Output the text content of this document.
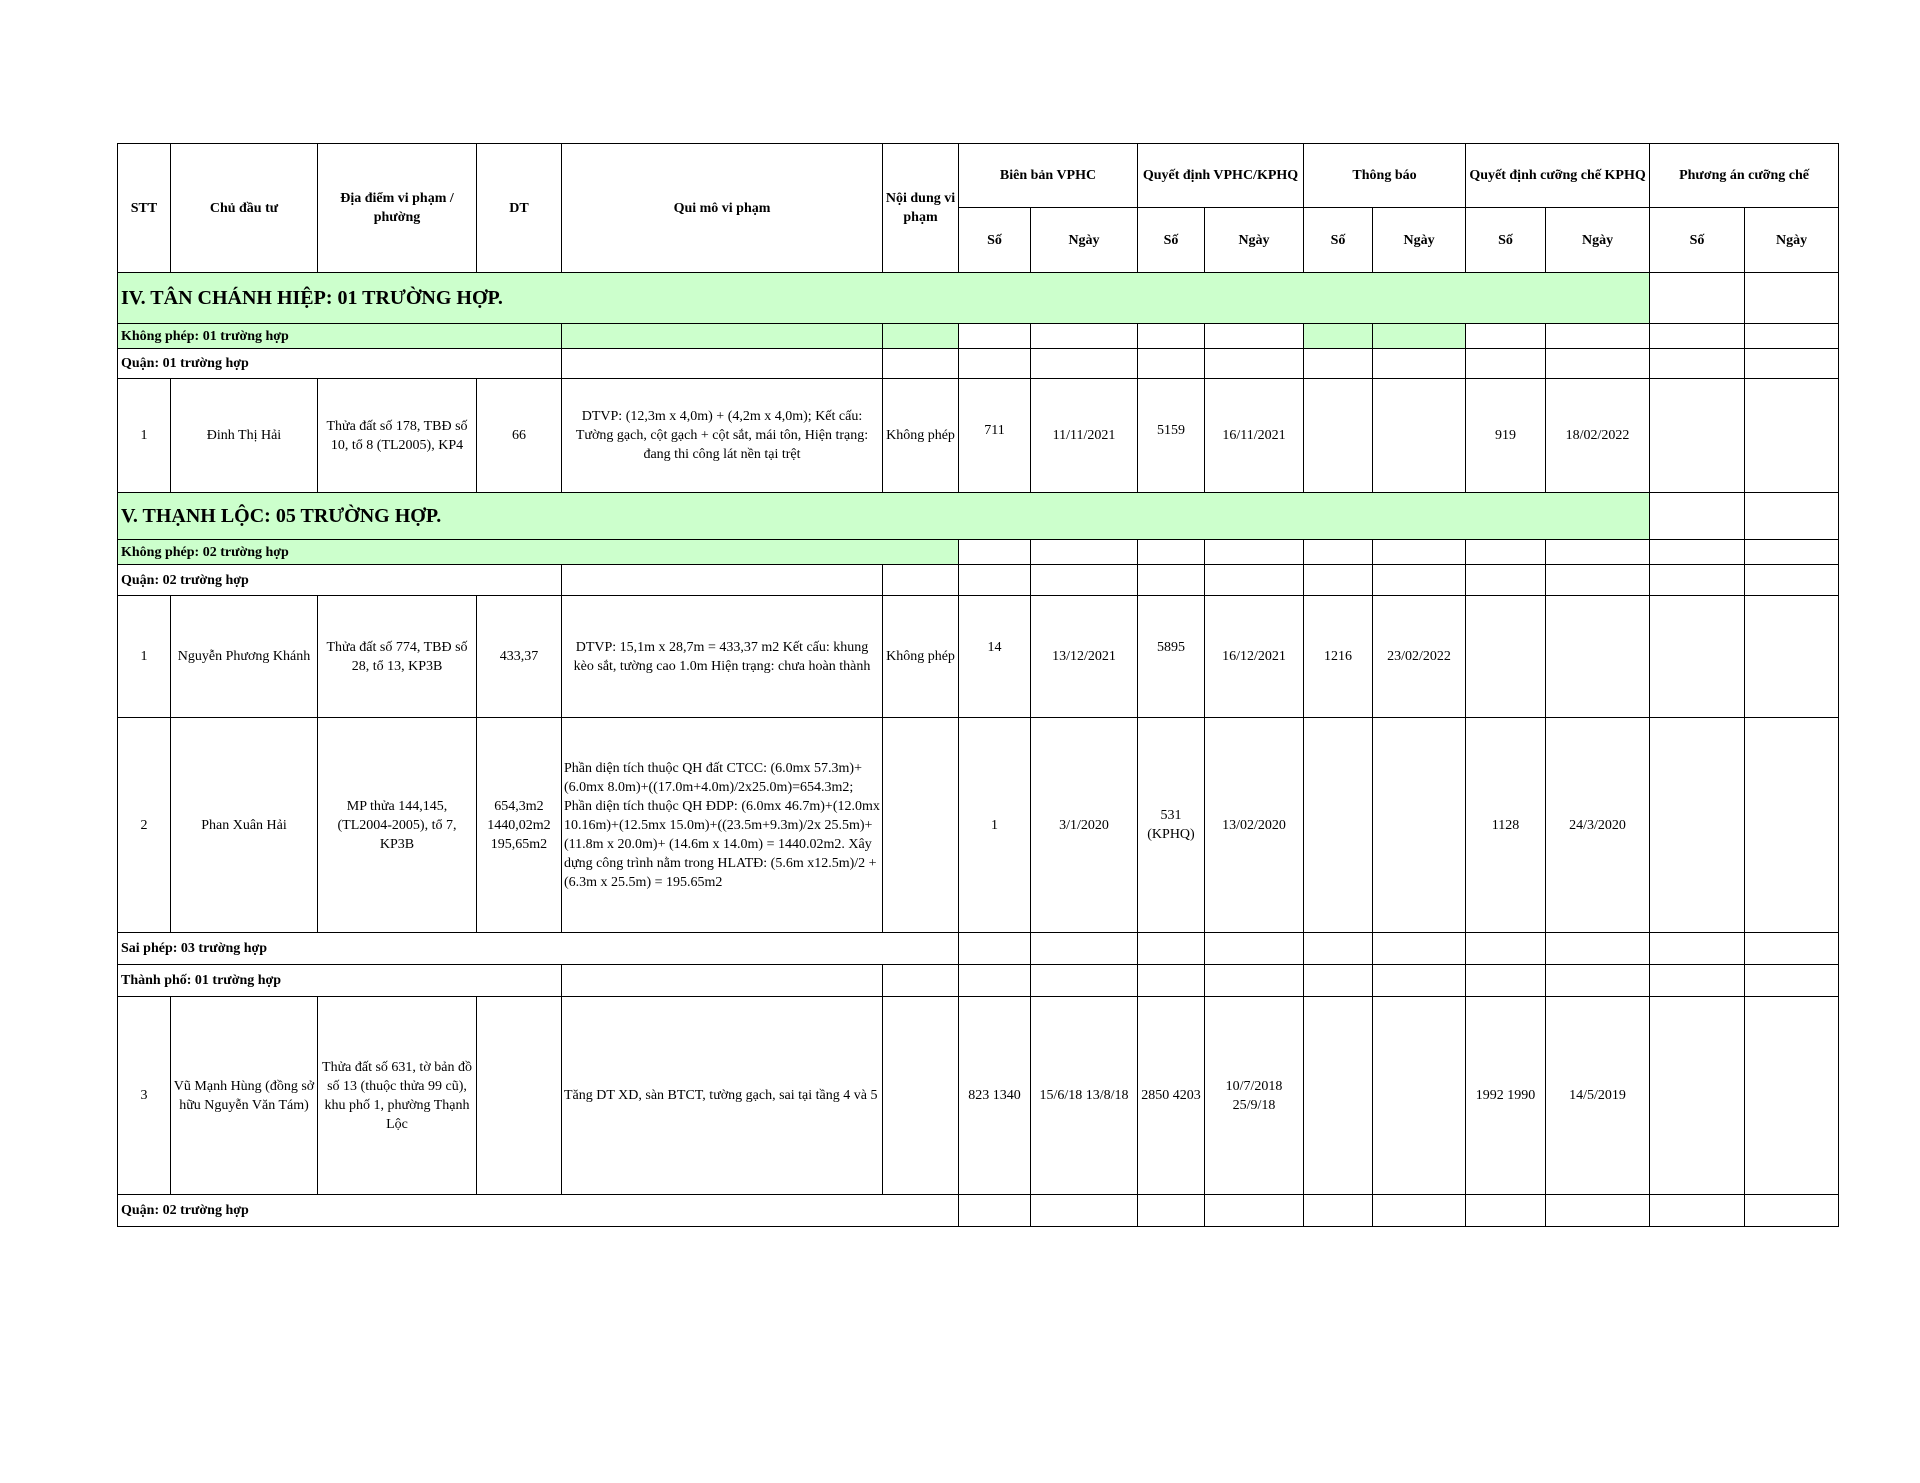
STT	Chủ đầu tư	Địa điểm vi phạm / phường	DT	Qui mô vi phạm	Nội dung vi phạm	Biên bản VPHC		Quyết định VPHC/KPHQ		Thông báo		Quyết định cưỡng chế KPHQ		Phương án cưỡng chế	
						Số	Ngày	Số	Ngày	Số	Ngày	Số	Ngày	Số	Ngày
IV. TÂN CHÁNH HIỆP: 01 TRƯỜNG HỢP.															
Không phép: 01 trường hợp															
Quận: 01 trường hợp															
1	Đinh Thị Hải	Thửa đất số 178, TBĐ số 10, tổ 8 (TL2005), KP4	66	DTVP: (12,3m x 4,0m) + (4,2m x 4,0m); Kết cấu: Tường gạch, cột gạch + cột sắt, mái tôn, Hiện trạng: đang thi công lát nền tại trệt	Không phép	711	11/11/2021	5159	16/11/2021			919	18/02/2022		
V. THẠNH LỘC: 05 TRƯỜNG HỢP.															
Không phép: 02 trường hợp															
Quận: 02 trường hợp															
1	Nguyễn Phương Khánh	Thửa đất số 774, TBĐ số 28, tổ 13, KP3B	433,37	DTVP: 15,1m x 28,7m = 433,37 m2 Kết cấu: khung kèo sắt, tường cao 1.0m Hiện trạng: chưa hoàn thành	Không phép	14	13/12/2021	5895	16/12/2021	1216	23/02/2022				
2	Phan Xuân Hải	MP thửa 144,145, (TL2004-2005), tổ 7, KP3B	654,3m2 1440,02m2 195,65m2	Phần diện tích thuộc QH đất CTCC: (6.0mx 57.3m)+(6.0mx 8.0m)+((17.0m+4.0m)/2x25.0m)=654.3m2; Phần diện tích thuộc QH ĐDP: (6.0mx 46.7m)+(12.0mx 10.16m)+(12.5mx 15.0m)+((23.5m+9.3m)/2x 25.5m)+ (11.8m x 20.0m)+ (14.6m x 14.0m) = 1440.02m2. Xây dựng công trình nằm trong HLATĐ: (5.6m x12.5m)/2 + (6.3m x 25.5m) = 195.65m2		1	3/1/2020	531 (KPHQ)	13/02/2020			1128	24/3/2020		
Sai phép: 03 trường hợp															
Thành phố: 01 trường hợp															
3	Vũ Mạnh Hùng (đồng sở hữu Nguyễn Văn Tám)	Thửa đất số 631, tờ bản đồ số 13 (thuộc thửa 99 cũ), khu phố 1, phường Thạnh Lộc		Tăng DT XD, sàn BTCT, tường gạch, sai tại tầng 4 và 5		823 1340	15/6/18 13/8/18	2850 4203	10/7/2018 25/9/18			1992 1990	14/5/2019		
Quận: 02 trường hợp															
